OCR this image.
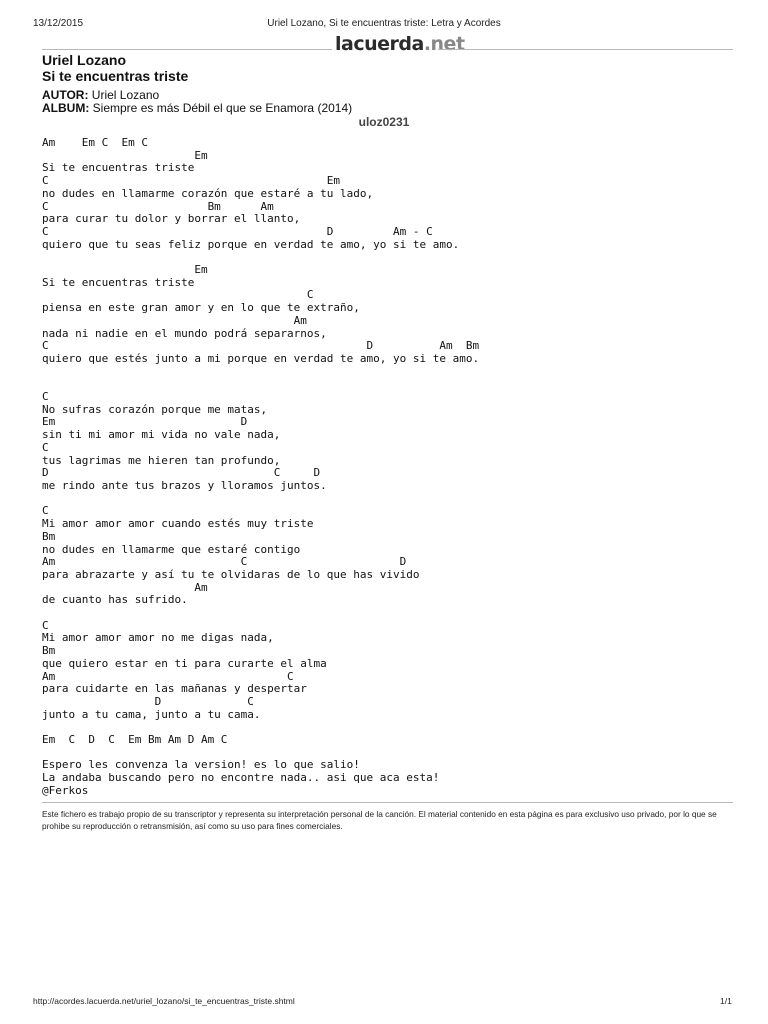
13/12/2015	Uriel Lozano, Si te encuentras triste: Letra y Acordes
lacuerda.net
Uriel Lozano
Si te encuentras triste
AUTOR: Uriel Lozano
ALBUM: Siempre es más Débil el que se Enamora (2014)
uloz0231
Am    Em C  Em C
Em
Si te encuentras triste
C                                          Em
no dudes en llamarme corazón que estaré a tu lado,
C                        Bm      Am
para curar tu dolor y borrar el llanto,
C                                          D         Am - C
quiero que tu seas feliz porque en verdad te amo, yo si te amo.

Em
Si te encuentras triste
C
piensa en este gran amor y en lo que te extraño,
Am
nada ni nadie en el mundo podrá separarnos,
C                                                D          Am  Bm
quiero que estés junto a mi porque en verdad te amo, yo si te amo.

C
No sufras corazón porque me matas,
Em                            D
sin ti mi amor mi vida no vale nada,
C
tus lagrimas me hieren tan profundo,
D                                  C     D
me rindo ante tus brazos y lloramos juntos.

C
Mi amor amor amor cuando estés muy triste
Bm
no dudes en llamarme que estaré contigo
Am                            C                       D
para abrazarte y así tu te olvidaras de lo que has vivido
Am
de cuanto has sufrido.

C
Mi amor amor amor no me digas nada,
Bm
que quiero estar en ti para curarte el alma
Am                                   C
para cuidarte en las mañanas y despertar
D             C
junto a tu cama, junto a tu cama.

Em  C  D  C  Em Bm Am D Am C

Espero les convenza la version! es lo que salio!
La andaba buscando pero no encontre nada.. asi que aca esta!
@Ferkos

Este fichero es trabajo propio de su transcriptor y representa su interpretación personal de la canción. El material contenido en esta página es para exclusivo uso privado, por lo que se prohibe su reproducción o retransmisión, así como su uso para fines comerciales.
http://acordes.lacuerda.net/uriel_lozano/si_te_encuentras_triste.shtml	1/1
